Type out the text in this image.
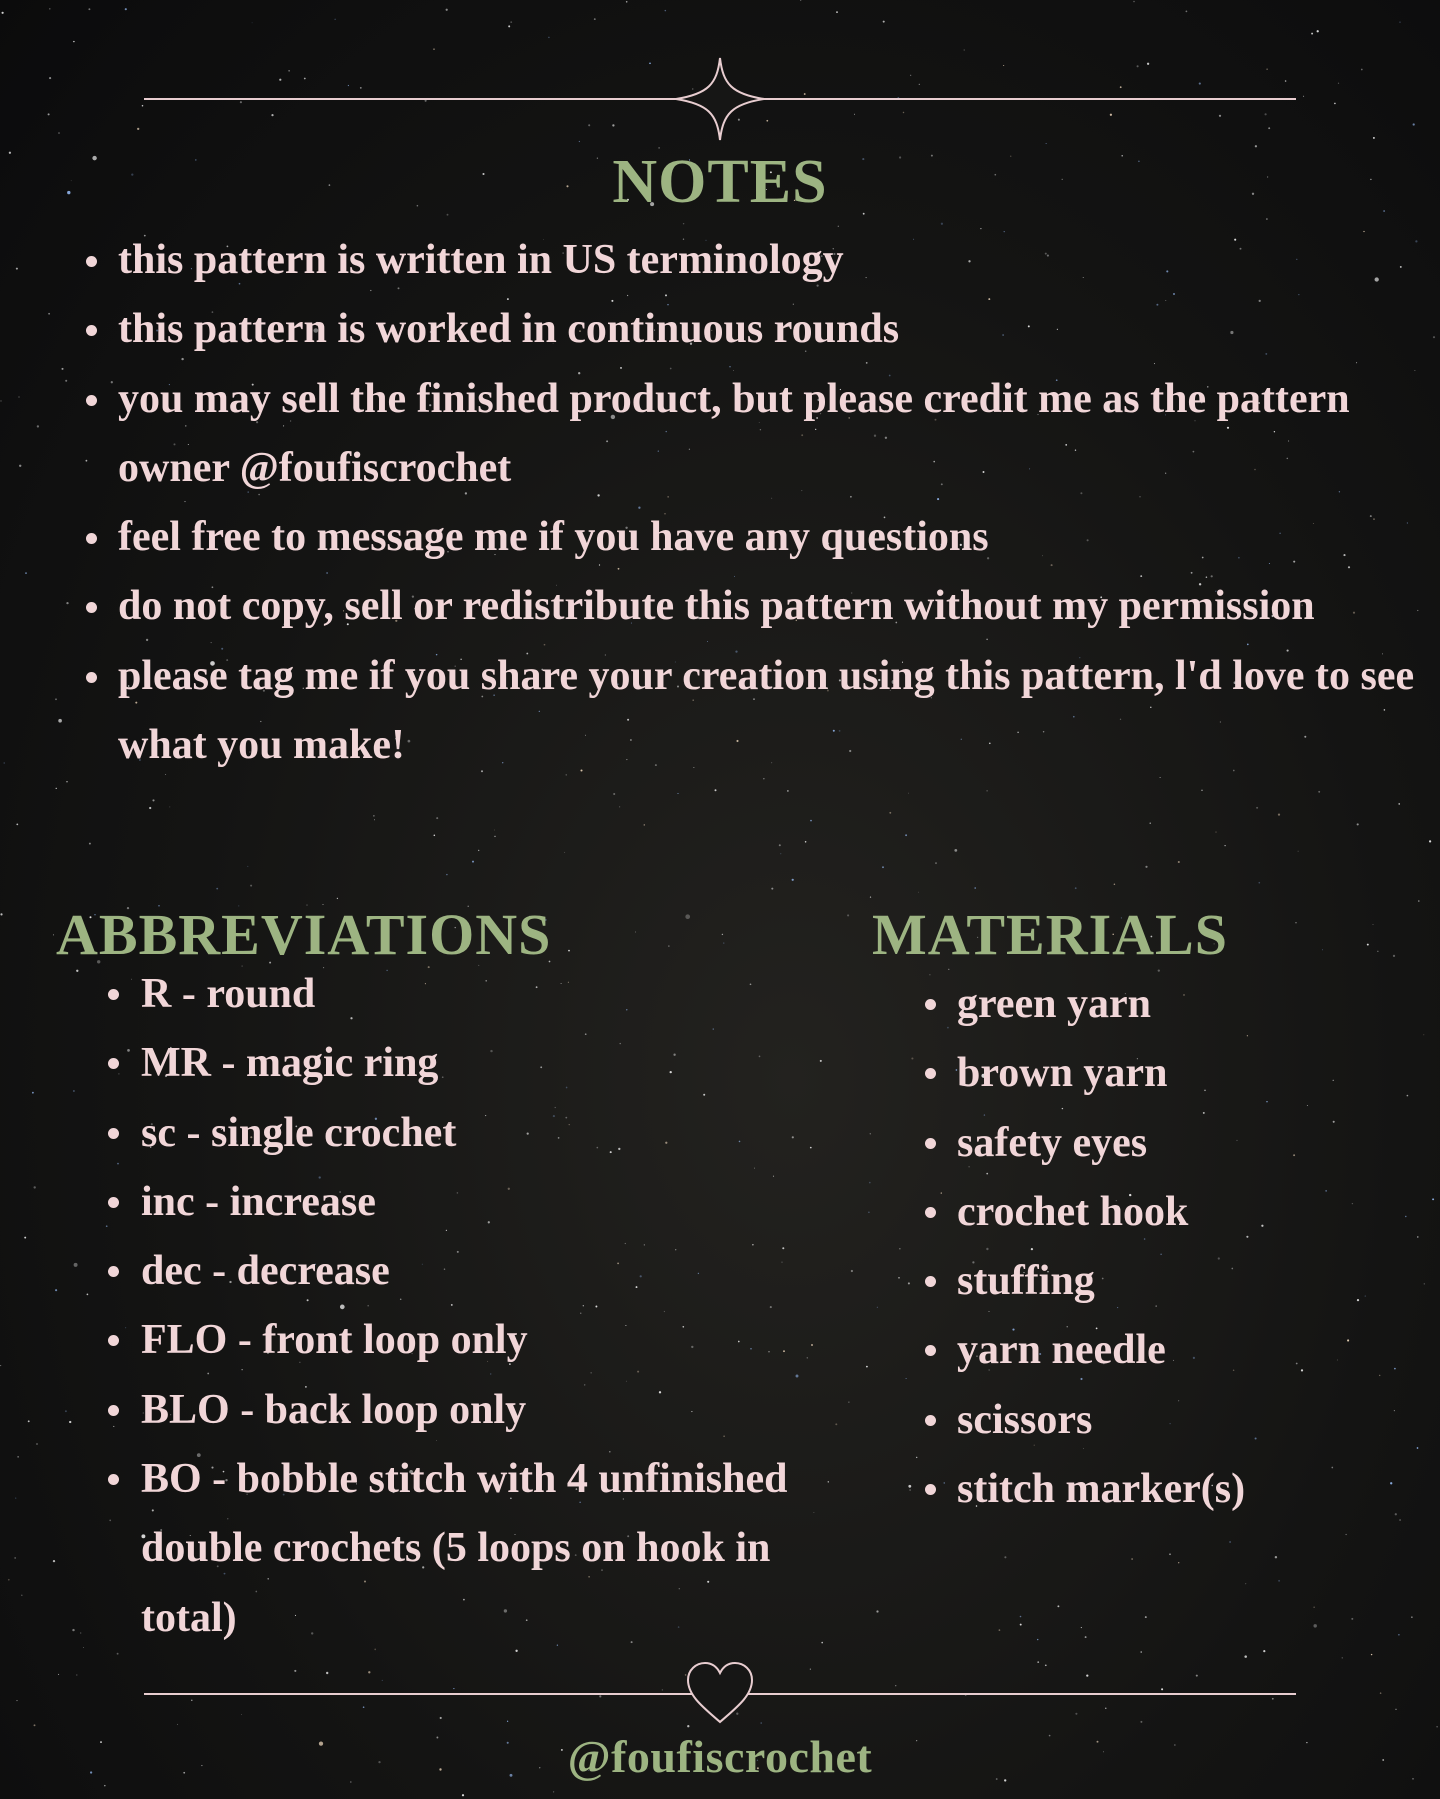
NOTES
this pattern is written in US terminology
this pattern is worked in continuous rounds
you may sell the finished product, but please credit me as the pattern owner @foufiscrochet
feel free to message me if you have any questions
do not copy, sell or redistribute this pattern without my permission
please tag me if you share your creation using this pattern, l'd love to see what you make!
ABBREVIATIONS
R - round
MR - magic ring
sc - single crochet
inc - increase
dec - decrease
FLO - front loop only
BLO - back loop only
BO - bobble stitch with 4 unfinished double crochets (5 loops on hook in total)
MATERIALS
green yarn
brown yarn
safety eyes
crochet hook
stuffing
yarn needle
scissors
stitch marker(s)
@foufiscrochet
